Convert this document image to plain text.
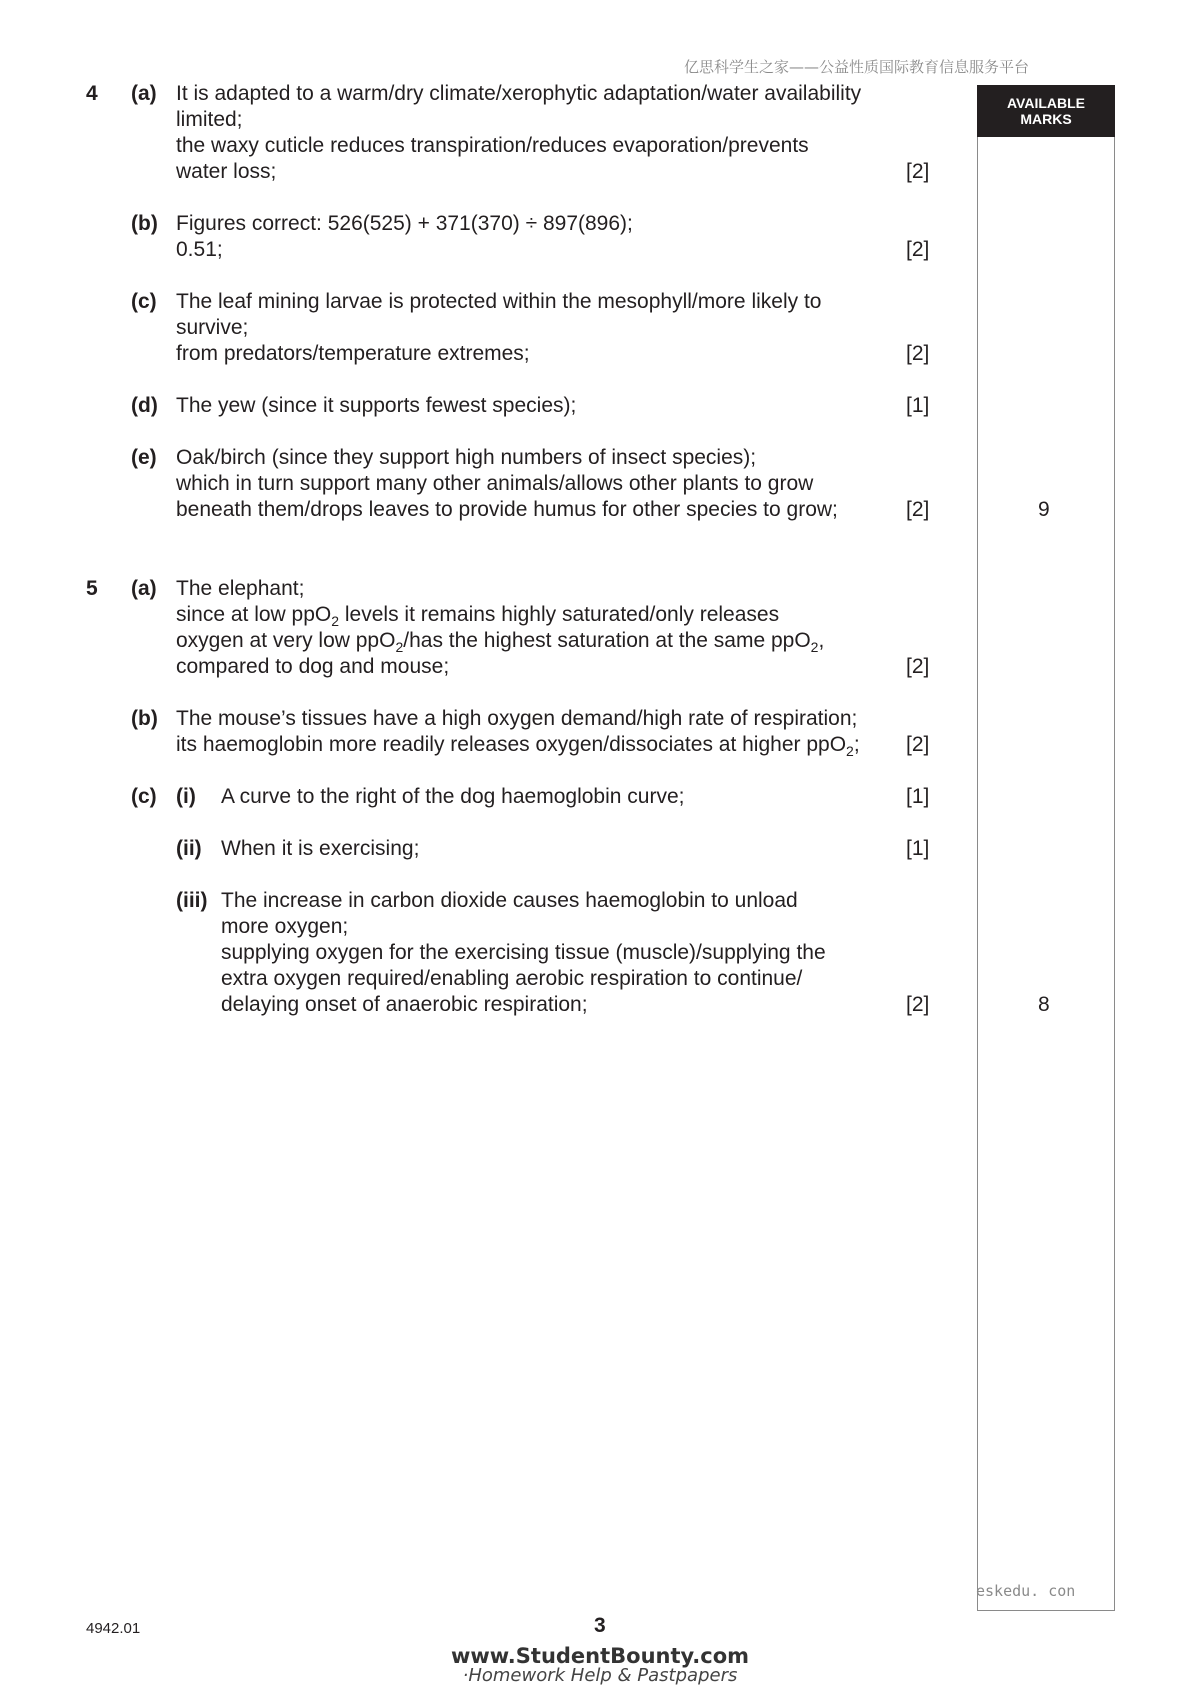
亿思科学生之家——公益性质国际教育信息服务平台
AVAILABLE
MARKS
4 (a) It is adapted to a warm/dry climate/xerophytic adaptation/water availability
limited;
the waxy cuticle reduces transpiration/reduces evaporation/prevents
water loss;	[2]
(b) Figures correct: 526(525) + 371(370) ÷ 897(896);
0.51;	[2]
(c) The leaf mining larvae is protected within the mesophyll/more likely to
survive;
from predators/temperature extremes;	[2]
(d) The yew (since it supports fewest species);	[1]
(e) Oak/birch (since they support high numbers of insect species);
which in turn support many other animals/allows other plants to grow
beneath them/drops leaves to provide humus for other species to grow;	[2]	9
5 (a) The elephant;
since at low ppO$_2$ levels it remains highly saturated/only releases
oxygen at very low ppO$_2$/has the highest saturation at the same ppO$_2$,
compared to dog and mouse;	[2]
(b) The mouse’s tissues have a high oxygen demand/high rate of respiration;
its haemoglobin more readily releases oxygen/dissociates at higher ppO$_2$; [2]
(c) (i) A curve to the right of the dog haemoglobin curve;	[1]
(ii) When it is exercising;	[1]
(iii) The increase in carbon dioxide causes haemoglobin to unload
more oxygen;
supplying oxygen for the exercising tissue (muscle)/supplying the
extra oxygen required/enabling aerobic respiration to continue/
delaying onset of anaerobic respiration;	[2]	8
eskedu. con
4942.01	3
www.StudentBounty.com
·Homework Help & Pastpapers
